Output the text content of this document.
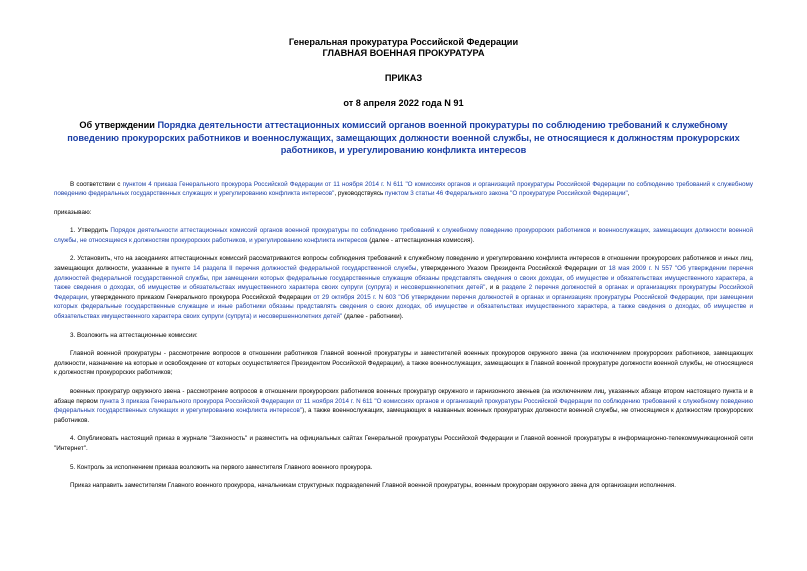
Генеральная прокуратура Российской Федерации
ГЛАВНАЯ ВОЕННАЯ ПРОКУРАТУРА
ПРИКАЗ
от 8 апреля 2022 года N 91
Об утверждении Порядка деятельности аттестационных комиссий органов военной прокуратуры по соблюдению требований к служебному поведению прокурорских работников и военнослужащих, замещающих должности военной службы, не относящиеся к должностям прокурорских работников, и урегулированию конфликта интересов

В соответствии с пунктом 4 приказа Генерального прокурора Российской Федерации от 11 ноября 2014 г. N 611 "О комиссиях органов и организаций прокуратуры Российской Федерации по соблюдению требований к служебному поведению федеральных государственных служащих и урегулированию конфликта интересов", руководствуясь пунктом 3 статьи 46 Федерального закона "О прокуратуре Российской Федерации",

приказываю:

1. Утвердить Порядок деятельности аттестационных комиссий органов военной прокуратуры по соблюдению требований к служебному поведению прокурорских работников и военнослужащих, замещающих должности военной службы, не относящиеся к должностям прокурорских работников, и урегулированию конфликта интересов (далее - аттестационная комиссия).

2. Установить, что на заседаниях аттестационных комиссий рассматриваются вопросы соблюдения требований к служебному поведению и урегулированию конфликта интересов в отношении прокурорских работников и иных лиц, замещающих должности, указанные в пункте 14 раздела II перечня должностей федеральной государственной службы, утвержденного Указом Президента Российской Федерации от 18 мая 2009 г. N 557 "Об утверждении перечня должностей федеральной государственной службы, при замещении которых федеральные государственные служащие обязаны представлять сведения о своих доходах, об имуществе и обязательствах имущественного характера, а также сведения о доходах, об имуществе и обязательствах имущественного характера своих супруги (супруга) и несовершеннолетних детей", и в разделе 2 перечня должностей в органах и организациях прокуратуры Российской Федерации, утвержденного приказом Генерального прокурора Российской Федерации от 29 октября 2015 г. N 603 "Об утверждении перечня должностей в органах и организациях прокуратуры Российской Федерации, при замещении которых федеральные государственные служащие и иные работники обязаны представлять сведения о своих доходах, об имуществе и обязательствах имущественного характера, а также сведения о доходах, об имуществе и обязательствах имущественного характера своих супруги (супруга) и несовершеннолетних детей" (далее - работники).

3. Возложить на аттестационные комиссии:

Главной военной прокуратуры - рассмотрение вопросов в отношении работников Главной военной прокуратуры и заместителей военных прокуроров окружного звена (за исключением прокурорских работников, замещающих должности, назначение на которые и освобождение от которых осуществляется Президентом Российской Федерации), а также военнослужащих, замещающих в Главной военной прокуратуре должности военной службы, не относящиеся к должностям прокурорских работников;

военных прокуратур окружного звена - рассмотрение вопросов в отношении прокурорских работников военных прокуратур окружного и гарнизонного звеньев (за исключением лиц, указанных абзаце втором настоящего пункта и в абзаце первом пункта 3 приказа Генерального прокурора Российской Федерации от 11 ноября 2014 г. N 611 "О комиссиях органов и организаций прокуратуры Российской Федерации по соблюдению требований к служебному поведению федеральных государственных служащих и урегулированию конфликта интересов"), а также военнослужащих, замещающих в названных военных прокуратурах должности военной службы, не относящиеся к должностям прокурорских работников.

4. Опубликовать настоящий приказ в журнале "Законность" и разместить на официальных сайтах Генеральной прокуратуры Российской Федерации и Главной военной прокуратуры в информационно-телекоммуникационной сети "Интернет".

5. Контроль за исполнением приказа возложить на первого заместителя Главного военного прокурора.

Приказ направить заместителям Главного военного прокурора, начальникам структурных подразделений Главной военной прокуратуры, военным прокурорам окружного звена для организации исполнения.
